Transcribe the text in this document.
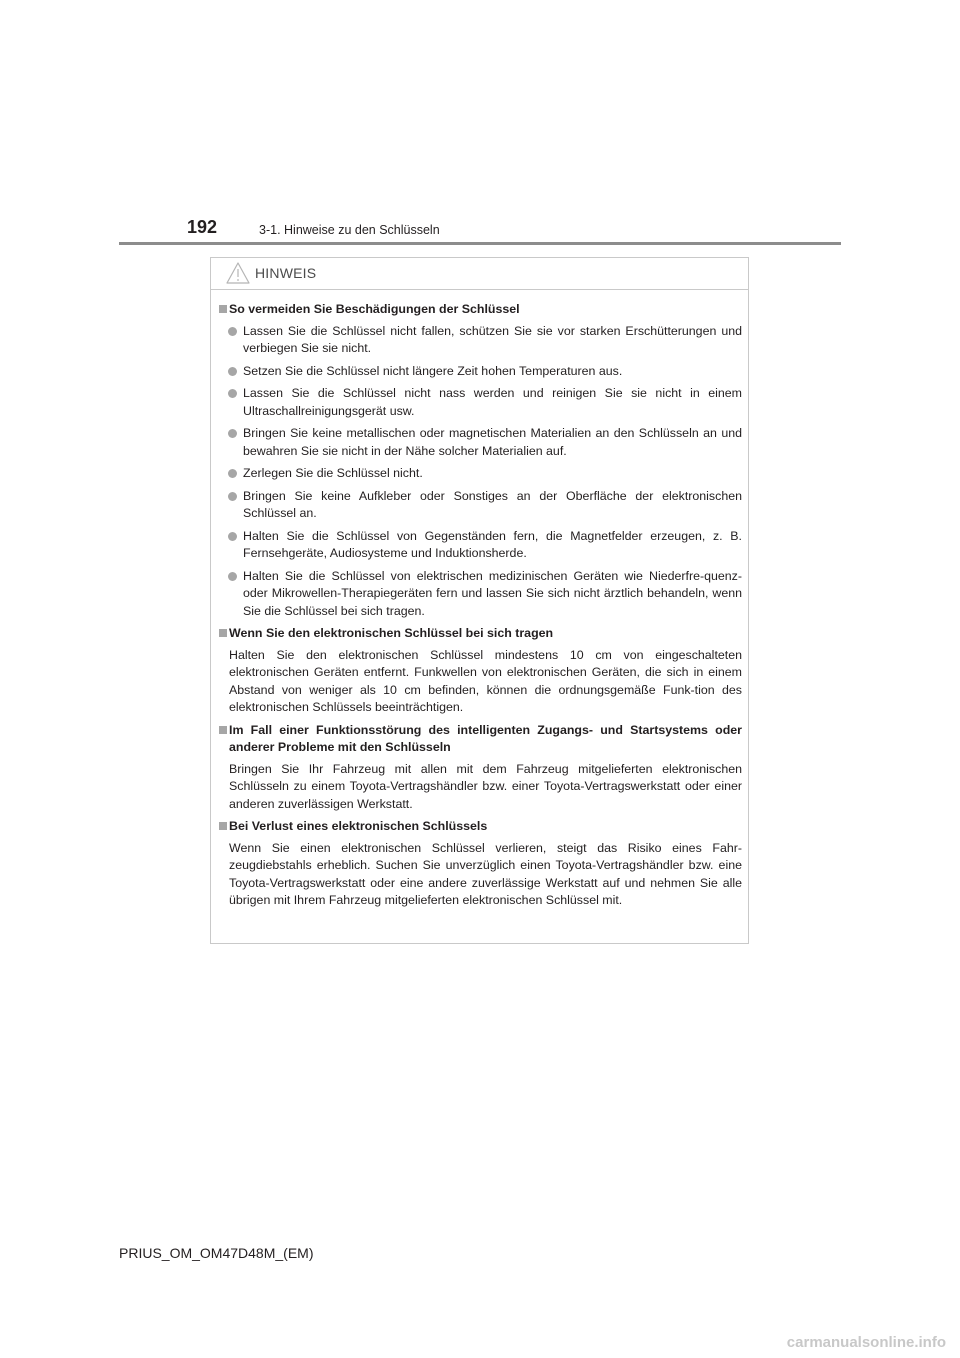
192	3-1. Hinweise zu den Schlüsseln
HINWEIS
So vermeiden Sie Beschädigungen der Schlüssel
Lassen Sie die Schlüssel nicht fallen, schützen Sie sie vor starken Erschütterungen und verbiegen Sie sie nicht.
Setzen Sie die Schlüssel nicht längere Zeit hohen Temperaturen aus.
Lassen Sie die Schlüssel nicht nass werden und reinigen Sie sie nicht in einem Ultraschallreinigungsgerät usw.
Bringen Sie keine metallischen oder magnetischen Materialien an den Schlüsseln an und bewahren Sie sie nicht in der Nähe solcher Materialien auf.
Zerlegen Sie die Schlüssel nicht.
Bringen Sie keine Aufkleber oder Sonstiges an der Oberfläche der elektronischen Schlüssel an.
Halten Sie die Schlüssel von Gegenständen fern, die Magnetfelder erzeugen, z. B. Fernsehgeräte, Audiosysteme und Induktionsherde.
Halten Sie die Schlüssel von elektrischen medizinischen Geräten wie Niederfre-quenz- oder Mikrowellen-Therapiegeräten fern und lassen Sie sich nicht ärztlich behandeln, wenn Sie die Schlüssel bei sich tragen.
Wenn Sie den elektronischen Schlüssel bei sich tragen
Halten Sie den elektronischen Schlüssel mindestens 10 cm von eingeschalteten elektronischen Geräten entfernt. Funkwellen von elektronischen Geräten, die sich in einem Abstand von weniger als 10 cm befinden, können die ordnungsgemäße Funk-tion des elektronischen Schlüssels beeinträchtigen.
Im Fall einer Funktionsstörung des intelligenten Zugangs- und Startsystems oder anderer Probleme mit den Schlüsseln
Bringen Sie Ihr Fahrzeug mit allen mit dem Fahrzeug mitgelieferten elektronischen Schlüsseln zu einem Toyota-Vertragshändler bzw. einer Toyota-Vertragswerkstatt oder einer anderen zuverlässigen Werkstatt.
Bei Verlust eines elektronischen Schlüssels
Wenn Sie einen elektronischen Schlüssel verlieren, steigt das Risiko eines Fahr-zeugdiebstahls erheblich. Suchen Sie unverzüglich einen Toyota-Vertragshändler bzw. eine Toyota-Vertragswerkstatt oder eine andere zuverlässige Werkstatt auf und nehmen Sie alle übrigen mit Ihrem Fahrzeug mitgelieferten elektronischen Schlüssel mit.
PRIUS_OM_OM47D48M_(EM)
carmanualsonline.info
